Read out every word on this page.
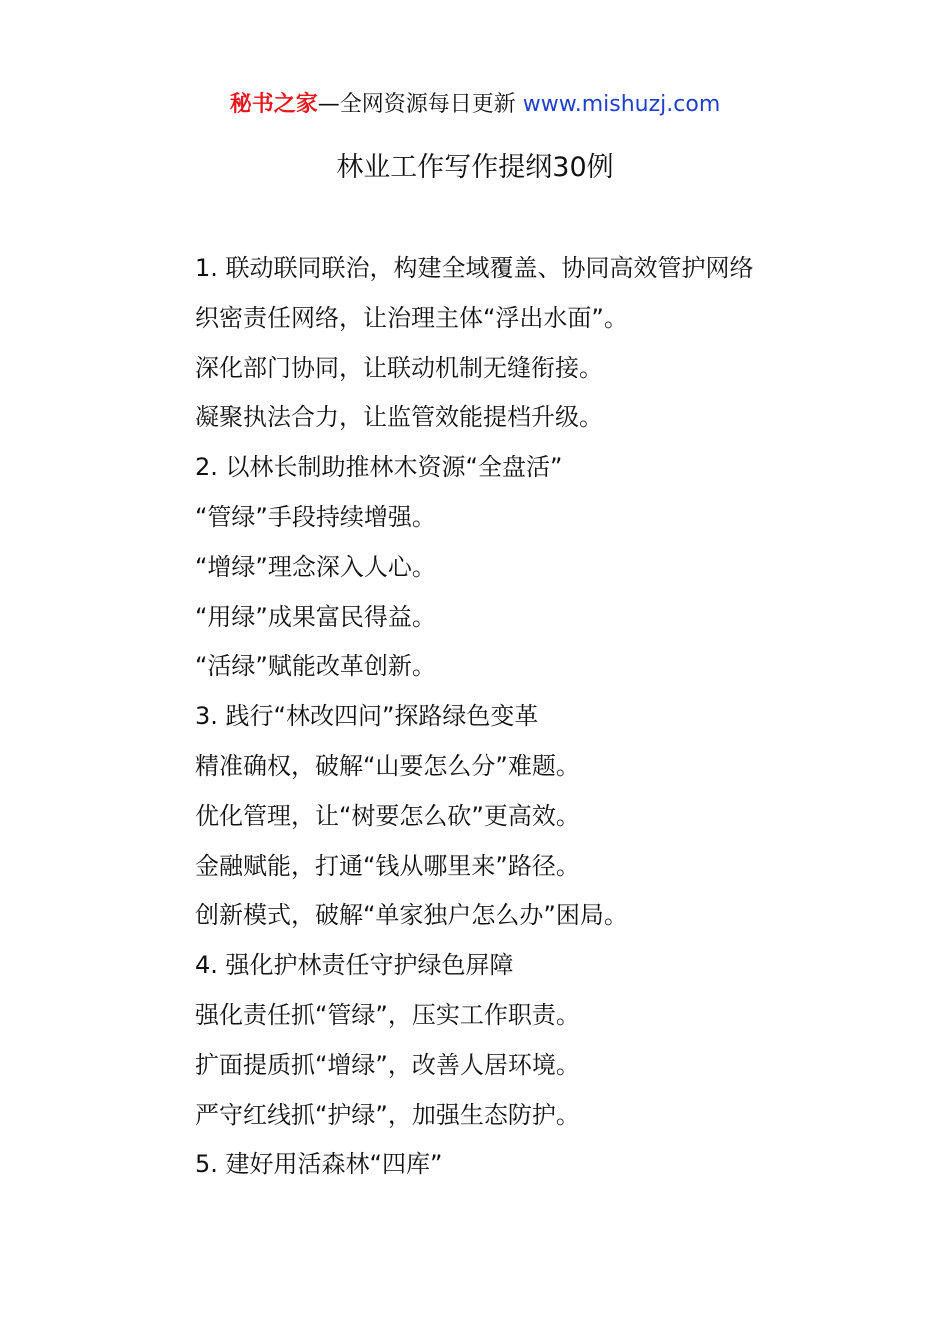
秘书之家—全网资源每日更新 www.mishuzj.com
林业工作写作提纲30例
1. 联动联同联治，构建全域覆盖、协同高效管护网络
织密责任网络，让治理主体“浮出水面”。
深化部门协同，让联动机制无缝衔接。
凝聚执法合力，让监管效能提档升级。
2. 以林长制助推林木资源“全盘活”
“管绿”手段持续增强。
“增绿”理念深入人心。
“用绿”成果富民得益。
“活绿”赋能改革创新。
3. 践行“林改四问”探路绿色变革
精准确权，破解“山要怎么分”难题。
优化管理，让“树要怎么砍”更高效。
金融赋能，打通“钱从哪里来”路径。
创新模式，破解“单家独户怎么办”困局。
4. 强化护林责任守护绿色屏障
强化责任抓“管绿”，压实工作职责。
扩面提质抓“增绿”，改善人居环境。
严守红线抓“护绿”，加强生态防护。
5. 建好用活森林“四库”
